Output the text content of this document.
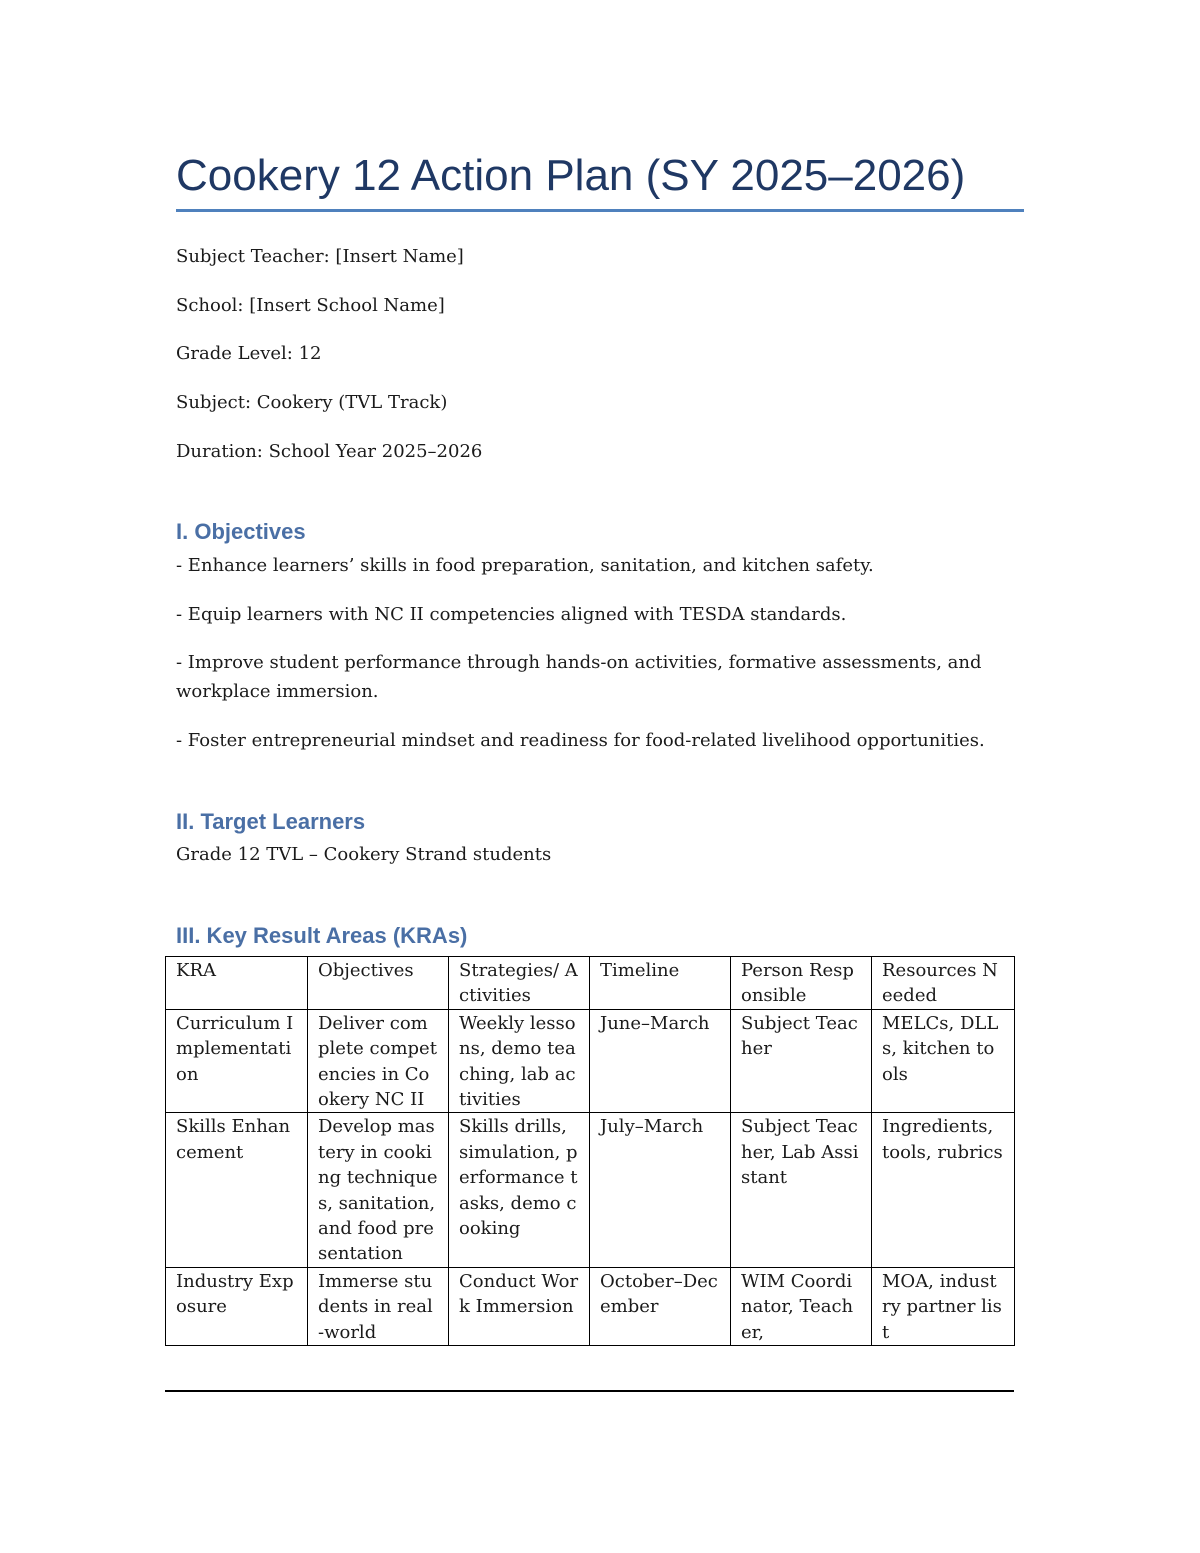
Cookery 12 Action Plan (SY 2025–2026)
Subject Teacher: [Insert Name]
School: [Insert School Name]
Grade Level: 12
Subject: Cookery (TVL Track)
Duration: School Year 2025–2026
I. Objectives
- Enhance learners’ skills in food preparation, sanitation, and kitchen safety.
- Equip learners with NC II competencies aligned with TESDA standards.
- Improve student performance through hands-on activities, formative assessments, and workplace immersion.
- Foster entrepreneurial mindset and readiness for food-related livelihood opportunities.
II. Target Learners
Grade 12 TVL – Cookery Strand students
III. Key Result Areas (KRAs)
KRA	Objectives	Strategies/ Activities	Timeline	Person Responsible	Resources Needed
Curriculum Implementation	Deliver complete competencies in Cookery NC II	Weekly lessons, demo teaching, lab activities	June–March	Subject Teacher	MELCs, DLLs, kitchen tools
Skills Enhancement	Develop mastery in cooking techniques, sanitation, and food presentation	Skills drills, simulation, performance tasks, demo cooking	July–March	Subject Teacher, Lab Assistant	Ingredients, tools, rubrics
Industry Exposure	Immerse students in real-world	Conduct Work Immersion	October–December	WIM Coordinator, Teacher,	MOA, industry partner list
